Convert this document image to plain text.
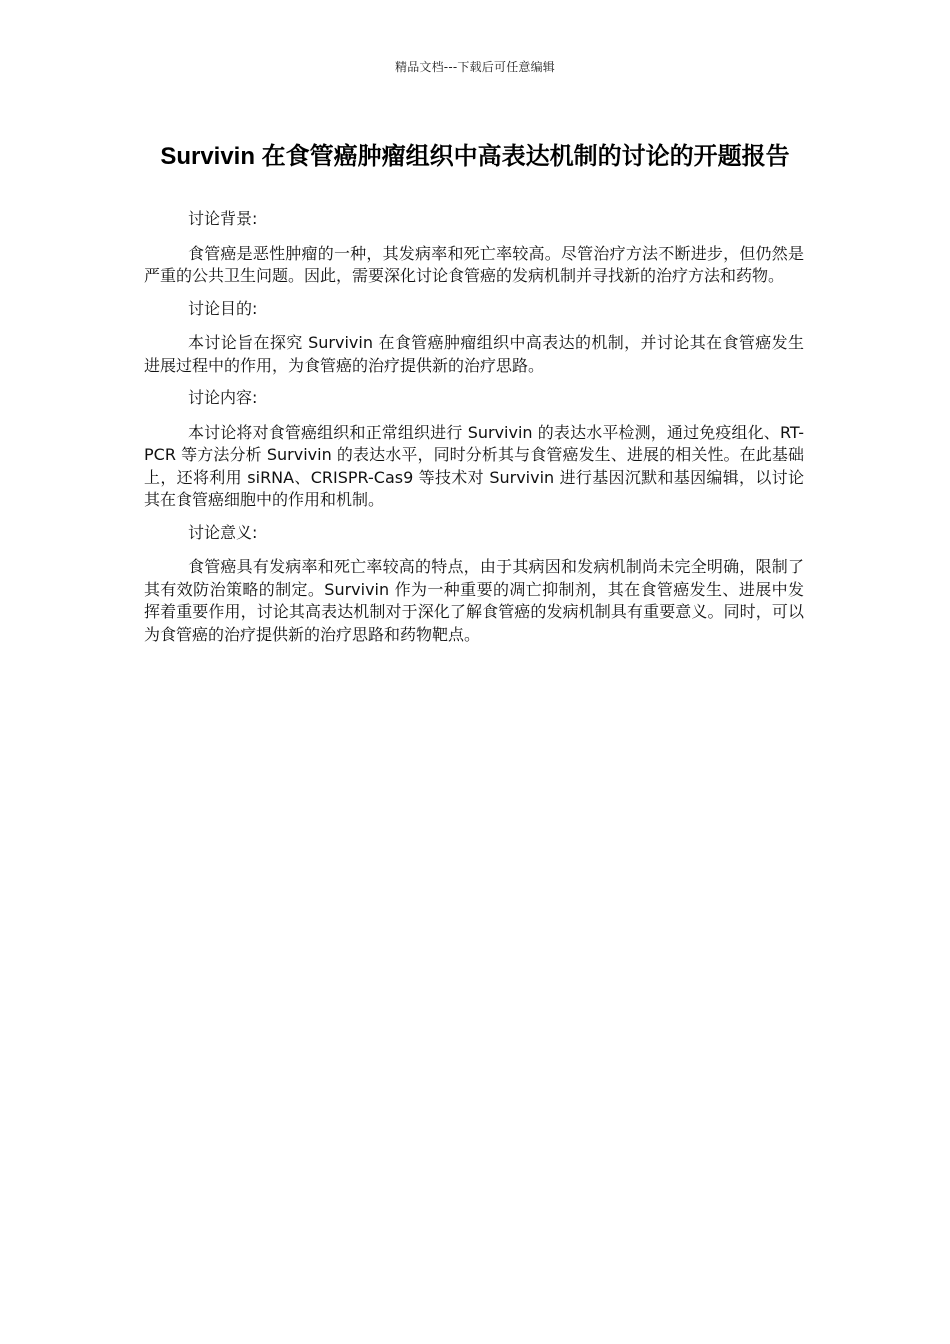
精品文档---下载后可任意编辑
Survivin 在食管癌肿瘤组织中高表达机制的讨论的开题报告

讨论背景:

食管癌是恶性肿瘤的一种，其发病率和死亡率较高。尽管治疗方法不断进步，但仍然是严重的公共卫生问题。因此，需要深化讨论食管癌的发病机制并寻找新的治疗方法和药物。

讨论目的:

本讨论旨在探究 Survivin 在食管癌肿瘤组织中高表达的机制，并讨论其在食管癌发生进展过程中的作用，为食管癌的治疗提供新的治疗思路。

讨论内容:

本讨论将对食管癌组织和正常组织进行 Survivin 的表达水平检测，通过免疫组化、RT-PCR 等方法分析 Survivin 的表达水平，同时分析其与食管癌发生、进展的相关性。在此基础上，还将利用 siRNA、CRISPR-Cas9 等技术对 Survivin 进行基因沉默和基因编辑，以讨论其在食管癌细胞中的作用和机制。

讨论意义:

食管癌具有发病率和死亡率较高的特点，由于其病因和发病机制尚未完全明确，限制了其有效防治策略的制定。Survivin 作为一种重要的凋亡抑制剂，其在食管癌发生、进展中发挥着重要作用，讨论其高表达机制对于深化了解食管癌的发病机制具有重要意义。同时，可以为食管癌的治疗提供新的治疗思路和药物靶点。
